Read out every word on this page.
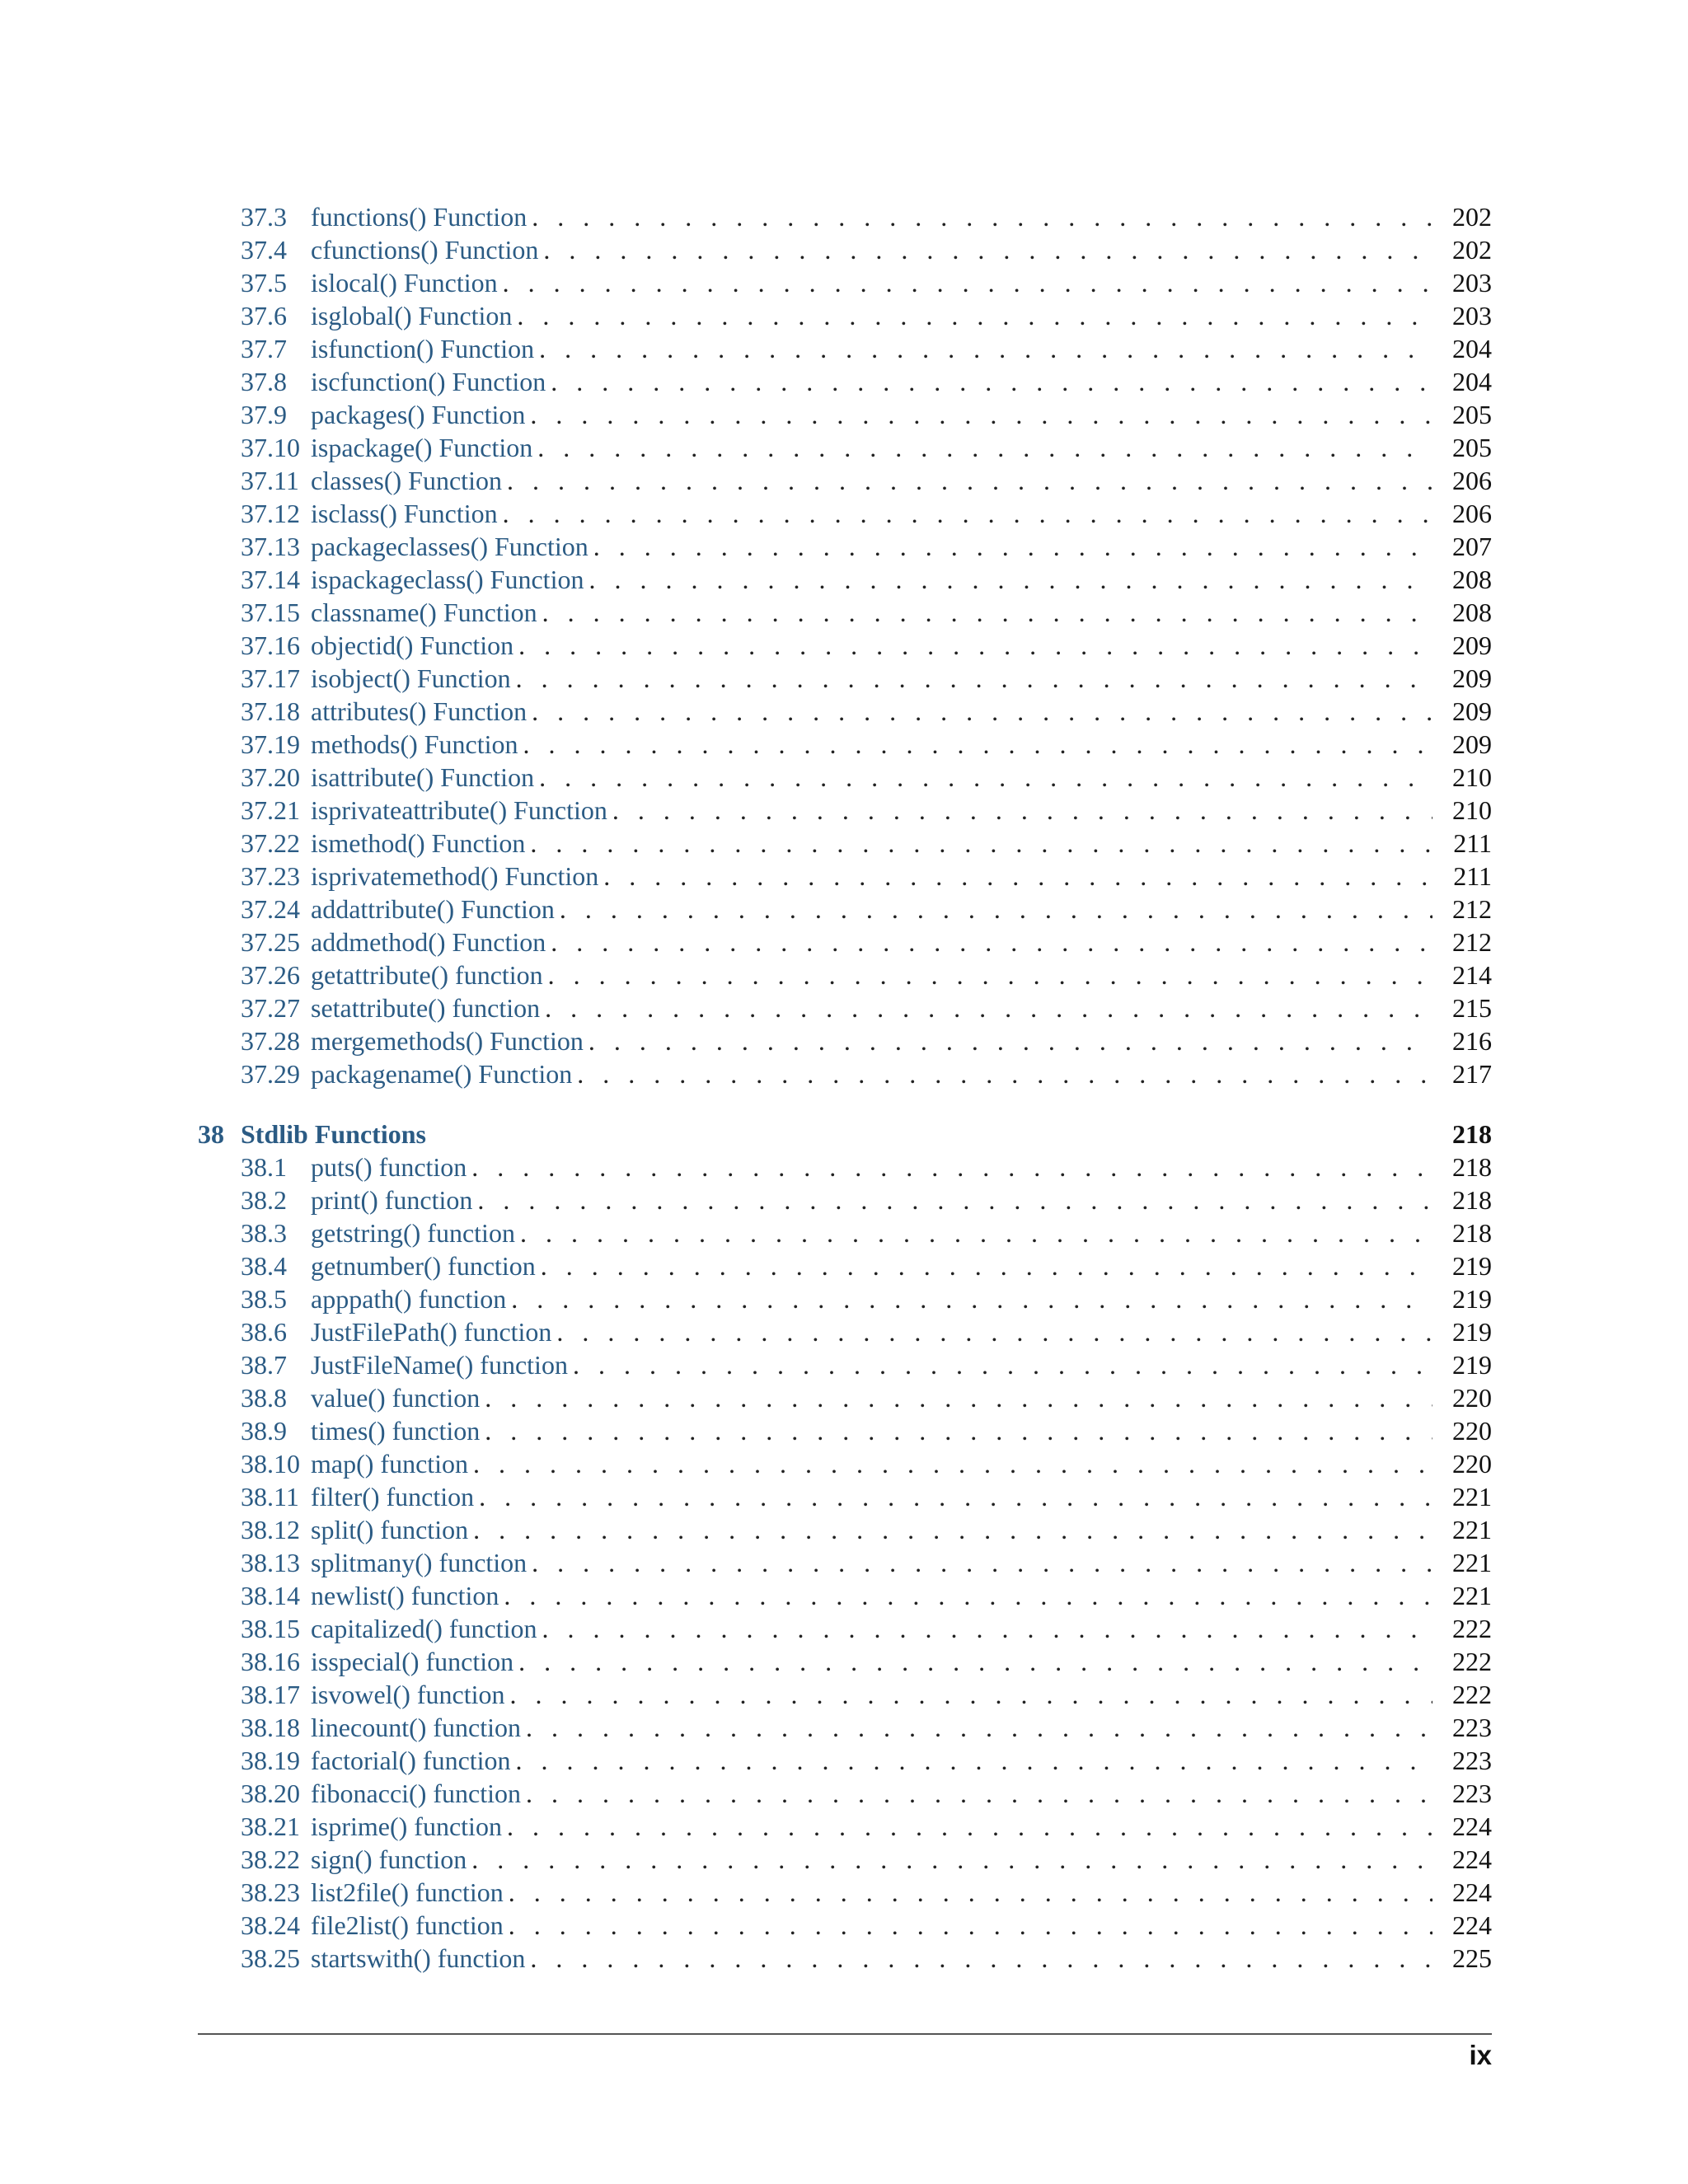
37.3 functions() Function . . .	202
37.4 cfunctions() Function . . .	202
37.5 islocal() Function . . .	203
37.6 isglobal() Function . . .	203
37.7 isfunction() Function . . .	204
37.8 iscfunction() Function . . .	204
37.9 packages() Function . . .	205
37.10 ispackage() Function . . .	205
37.11 classes() Function . . .	206
37.12 isclass() Function . . .	206
37.13 packageclasses() Function . . .	207
37.14 ispackageclass() Function . . .	208
37.15 classname() Function . . .	208
37.16 objectid() Function . . .	209
37.17 isobject() Function . . .	209
37.18 attributes() Function . . .	209
37.19 methods() Function . . .	209
37.20 isattribute() Function . . .	210
37.21 isprivateattribute() Function . . .	210
37.22 ismethod() Function . . .	211
37.23 isprivatemethod() Function . . .	211
37.24 addattribute() Function . . .	212
37.25 addmethod() Function . . .	212
37.26 getattribute() function . . .	214
37.27 setattribute() function . . .	215
37.28 mergemethods() Function . . .	216
37.29 packagename() Function . . .	217
38 Stdlib Functions	218
38.1 puts() function . . .	218
38.2 print() function . . .	218
38.3 getstring() function . . .	218
38.4 getnumber() function . . .	219
38.5 apppath() function . . .	219
38.6 JustFilePath() function . . .	219
38.7 JustFileName() function . . .	219
38.8 value() function . . .	220
38.9 times() function . . .	220
38.10 map() function . . .	220
38.11 filter() function . . .	221
38.12 split() function . . .	221
38.13 splitmany() function . . .	221
38.14 newlist() function . . .	221
38.15 capitalized() function . . .	222
38.16 isspecial() function . . .	222
38.17 isvowel() function . . .	222
38.18 linecount() function . . .	223
38.19 factorial() function . . .	223
38.20 fibonacci() function . . .	223
38.21 isprime() function . . .	224
38.22 sign() function . . .	224
38.23 list2file() function . . .	224
38.24 file2list() function . . .	224
38.25 startswith() function . . .	225
ix
